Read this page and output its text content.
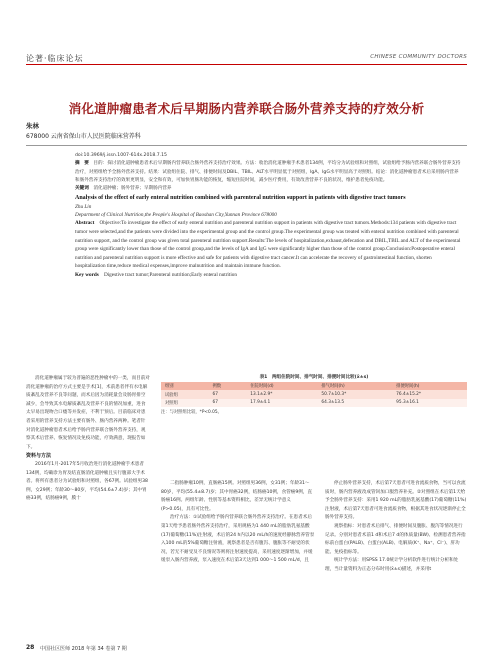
论著·临床论坛	CHINESE COMMUNITY DOCTORS
消化道肿瘤患者术后早期肠内营养联合肠外营养支持的疗效分析
朱林
678000 云南省保山市人民医院临床营养科

doi:10.3969/j.issn.1007-614x.2018.7.15

摘　要　 目的：探讨消化道肿瘤患者术后早期肠内营养联合肠外营养支持治疗效果。方法：收治消化道肿瘤手术患者134例，平均分为试验组和对照组，试验组给予肠内营养联合肠外营养支持治疗，对照组给予全肠外营养支持。结果：试验组住院、排气、排便时间及DBIL、TBIL、ALT水平明显低于对照组，IgA、IgG水平明显高于对照组。结论：消化道肿瘤患者术后采用肠内营养和肠外营养支持治疗的效果更明显，安全和有效，可加快胃肠功能的恢复，缩短住院时间，减少医疗费用，有效改善营养不良的状况，维护患者免疫功能。

关键词　 消化道肿瘤；肠外营养；早期肠内营养

Analysis of the effect of early enteral nutrition combined with parenteral nutrition support in patients with digestive tract tumors

Zhu Lin

Department of Clinical Nutrition,the People's Hospital of Baoshan City,Yunnan Province 678000

Abstract　 Objective:To investigate the effect of early enteral nutrition and parenteral nutrition support in patients with digestive tract tumors.Methods:134 patients with digestive tract tumor were selected,and the patients were divided into the experimental group and the control group.The experimental group was treated with enteral nutrition combined with parenteral nutrition support, and the control group was given total parenteral nutrition support.Results:The levels of hospitalization,exhaust,defecation and DBIL,TBIL and ALT of the experimental group were significantly lower than those of the control group,and the levels of IgA and IgG were significantly higher than those of the control group.Conclusion:Postoperative enteral nutrition and parenteral nutrition support is more effective and safe for patients with digestive tract cancer.It can accelerate the recovery of gastrointestinal function, shorten hospitalization time,reduce medical expenses,improve malnutrition and maintain immune function.

Key words　 Digestive tract tumor;Parenteral nutrition;Early enteral nutrition

消化道肿瘤属于较为普遍的恶性肿瘤中的一类，而目前对消化道肿瘤的治疗方式主要是手术[1]，术前患者伴有水电解质紊乱及营养不良等问题，而术后因为消耗量会及肠胃排空减少，会导致其水电解质紊乱及营养不良的情况加重，进食太早易出现吻合口瘘等并发症，不利于预后。目前临床对患者采用的营养支持方法主要有肠外、肠内营养两种。笔者针对消化道肿瘤患者术后给予肠内营养联合肠外营养支持，观察其术后营养、恢复情况及免疫功能，疗效满意，现报告如下。

资料与方法

2016年1月-2017年5月收治进行消化道肿瘤手术患者134例，均确诊为胃及结直肠消化道肿瘤且实行腹部大手术者。将所有患者分为试验组和对照组，各67例。试验组男38例，女29例；年龄30～80岁，平均(54.6±7.4)岁；其中胃癌33例，结肠癌9例，膜十

表1　两组住院时间、排气时间、排便时间比较(x̄±s)
组别	例数	住院时间(d)	排气时间(h)	排便时间(h)
试验组	67	13.1±2.9*	50.7±10.3*	76.4±15.2*
对照组	67	17.9±4.1	64.3±13.5	95.3±16.1
注：与对照组比较，*P<0.05。

二指肠肿瘤10例，直肠癌15例。对照组男36例，女31例；年龄31～80岁，平均(55.4±8.7)岁；其中胃癌32例，结肠癌10例，食管癌9例，直肠癌16例。两组年龄、性别等基本资料相比，差异无统计学意义(P>0.05)，具有可比性。

治疗方法：①试验组给予肠内营养联合肠外营养支持治疗。在患者术后第1天给予患者肠外营养支持治疗，采用规格为1 440 mL的脂肪乳氨基酸(17)葡萄糖(11%)注射液，术后的24 h内以20 mL/h的速度经静脉营养管泵入100 mL的5%葡萄糖注射液，观察患者是否有腹泻、腹胀等不耐受的状况，若无不耐受及不良情况等则将注射速度提高，采用速度逐渐增加，并缓缓泵入肠内营养液，泵入速度在术后第3天达到1 000～1 500 mL/d，且

停止肠外营养支持，术后第7天患者可进食流质食物，当可以食流质时，肠内营养液改成管饲加口服营养补充。②对照组在术后第1天给予全肠外营养支持：采用1 920 mL的脂肪乳氨基酸(17)葡萄糖(11%)注射液，术后第7天患者可进食流质食物，根据其进食状况逐渐停止全肠外营养支持。

观察指标：对患者术后排气、排便时间及腹胀、腹泻等情况进行记录。分别对患者术前1 d和术后7 d的体质量(BW)、检测患者营养指标前白蛋白(PALB)、白蛋白(ALB)、电解质(K⁺、Na⁺、Cl⁻)、肝功能、免疫指标等。

统计学方法：用SPSS 17.0统计学分析软件进行统计分析和处理，当计量资料为正态分布时用(x̄±s)描述，并采用t

28 中国社区医师 2018 年第 34 卷第 7 期
